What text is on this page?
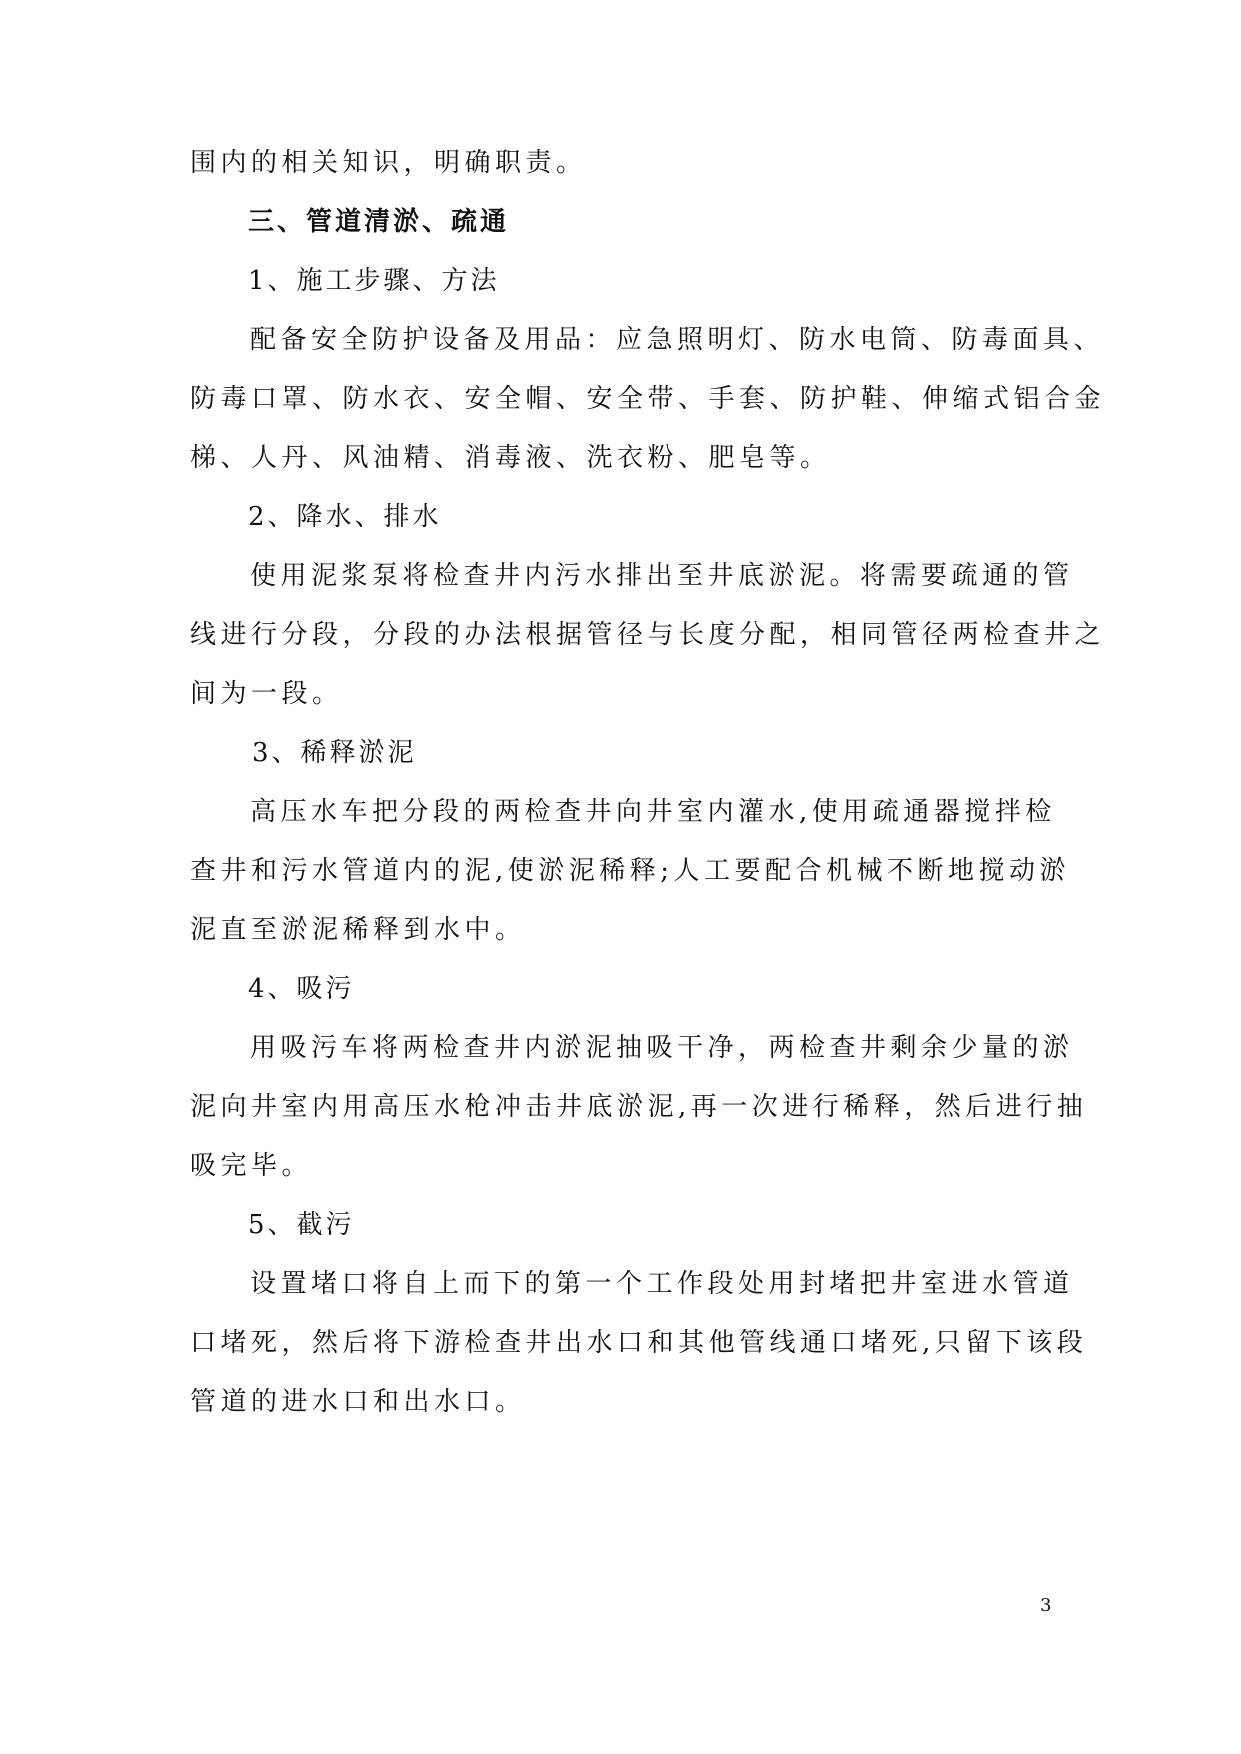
围内的相关知识，明确职责。
三、管道清淤、疏通
1、施工步骤、方法
配备安全防护设备及用品：应急照明灯、防水电筒、防毒面具、
防毒口罩、防水衣、安全帽、安全带、手套、防护鞋、伸缩式铝合金
梯、人丹、风油精、消毒液、洗衣粉、肥皂等。
2、降水、排水
使用泥浆泵将检查井内污水排出至井底淤泥。将需要疏通的管
线进行分段，分段的办法根据管径与长度分配，相同管径两检查井之
间为一段。
3、稀释淤泥
高压水车把分段的两检查井向井室内灌水,使用疏通器搅拌检
查井和污水管道内的泥,使淤泥稀释;人工要配合机械不断地搅动淤
泥直至淤泥稀释到水中。
4、吸污
用吸污车将两检查井内淤泥抽吸干净，两检查井剩余少量的淤
泥向井室内用高压水枪冲击井底淤泥,再一次进行稀释，然后进行抽
吸完毕。
5、截污
设置堵口将自上而下的第一个工作段处用封堵把井室进水管道
口堵死，然后将下游检查井出水口和其他管线通口堵死,只留下该段
管道的进水口和出水口。
3
